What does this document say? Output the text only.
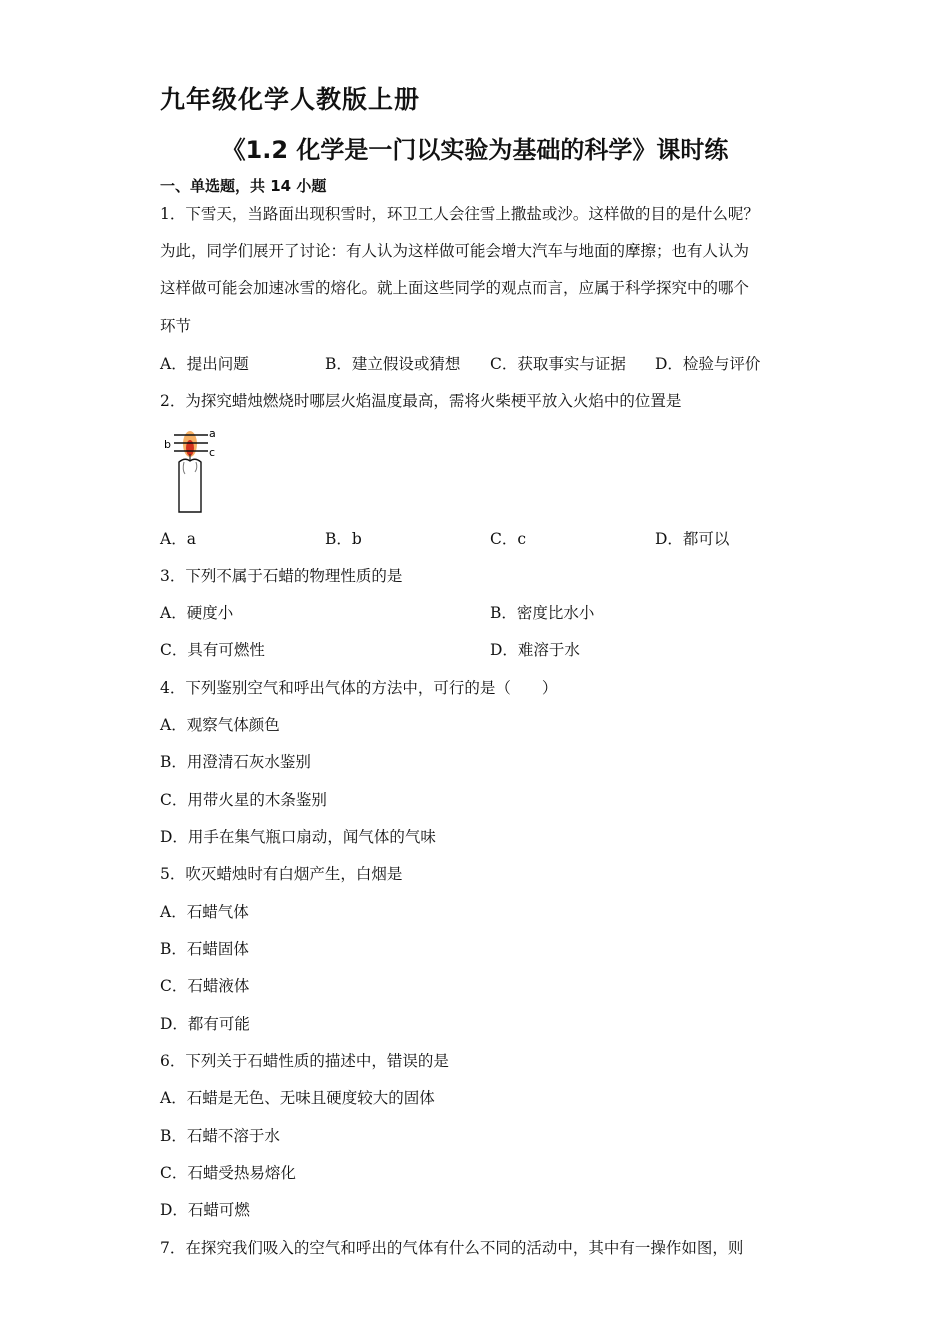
九年级化学人教版上册
《1.2 化学是一门以实验为基础的科学》课时练
一、单选题，共 14 小题
1．下雪天，当路面出现积雪时，环卫工人会往雪上撒盐或沙。这样做的目的是什么呢？
为此，同学们展开了讨论：有人认为这样做可能会增大汽车与地面的摩擦；也有人认为
这样做可能会加速冰雪的熔化。就上面这些同学的观点而言，应属于科学探究中的哪个
环节
A．提出问题	B．建立假设或猜想 C．获取事实与证据 D．检验与评价
2．为探究蜡烛燃烧时哪层火焰温度最高，需将火柴梗平放入火焰中的位置是
a
b
c
A．a	B．b	C．c	D．都可以
3．下列不属于石蜡的物理性质的是
A．硬度小	B．密度比水小
C．具有可燃性	D．难溶于水
4．下列鉴别空气和呼出气体的方法中，可行的是（　　）
A．观察气体颜色
B．用澄清石灰水鉴别
C．用带火星的木条鉴别
D．用手在集气瓶口扇动，闻气体的气味
5．吹灭蜡烛时有白烟产生，白烟是
A．石蜡气体
B．石蜡固体
C．石蜡液体
D．都有可能
6．下列关于石蜡性质的描述中，错误的是
A．石蜡是无色、无味且硬度较大的固体
B．石蜡不溶于水
C．石蜡受热易熔化
D．石蜡可燃
7．在探究我们吸入的空气和呼出的气体有什么不同的活动中，其中有一操作如图，则
